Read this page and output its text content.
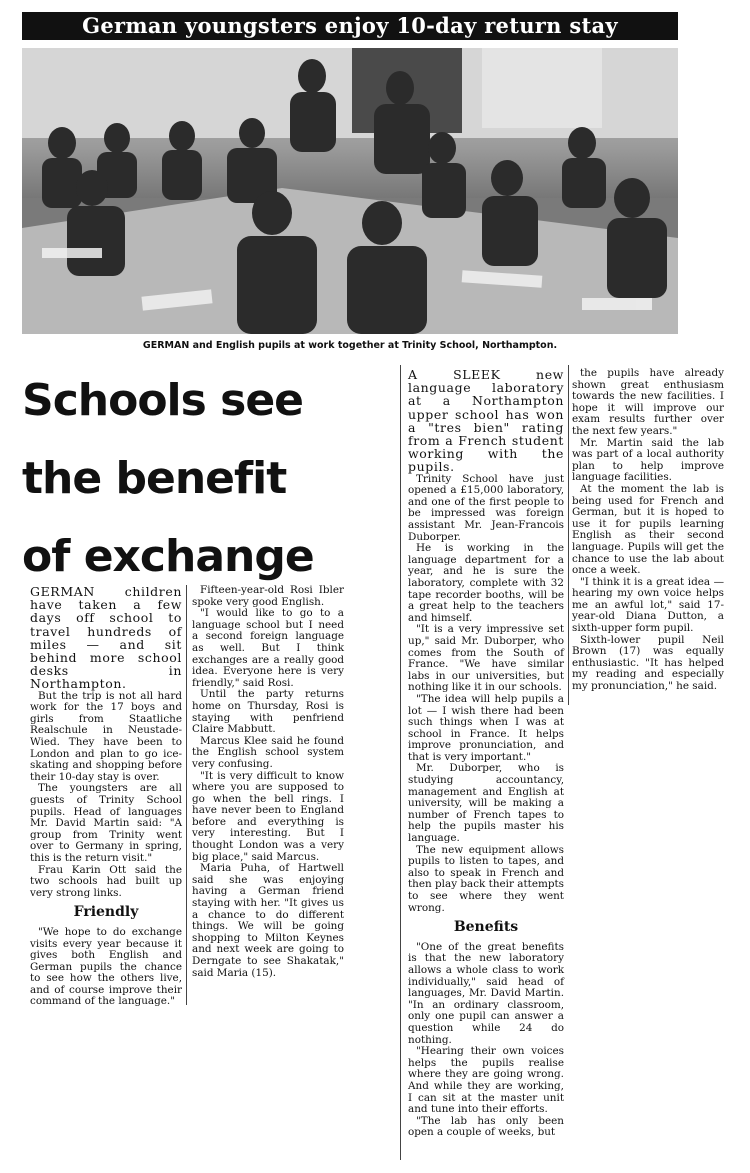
German youngsters enjoy 10-day return stay
GERMAN and English pupils at work together at Trinity School, Northampton.
Schools see
the benefit
of exchange

GERMAN children have taken a few days off school to travel hundreds of miles — and sit behind more school desks in Northampton.

But the trip is not all hard work for the 17 boys and girls from Staatliche Realschule in Neustade-Wied. They have been to London and plan to go ice-skating and shopping before their 10-day stay is over.

The youngsters are all guests of Trinity School pupils. Head of languages Mr. David Martin said: "A group from Trinity went over to Germany in spring, this is the return visit."

Frau Karin Ott said the two schools had built up very strong links.

Friendly

"We hope to do exchange visits every year because it gives both English and German pupils the chance to see how the others live, and of course improve their command of the language."

Fifteen-year-old Rosi Ibler spoke very good English.

"I would like to go to a language school but I need a second foreign language as well. But I think exchanges are a really good idea. Everyone here is very friendly," said Rosi.

Until the party returns home on Thursday, Rosi is staying with penfriend Claire Mabbutt.

Marcus Klee said he found the English school system very confusing.

"It is very difficult to know where you are supposed to go when the bell rings. I have never been to England before and everything is very interesting. But I thought London was a very big place," said Marcus.

Maria Puha, of Hartwell said she was enjoying having a German friend staying with her. "It gives us a chance to do different things. We will be going shopping to Milton Keynes and next week are going to Derngate to see Shakatak," said Maria (15).

A SLEEK new language laboratory at a Northampton upper school has won a "tres bien" rating from a French student working with the pupils.

Trinity School have just opened a £15,000 laboratory, and one of the first people to be impressed was foreign assistant Mr. Jean-Francois Duborper.

He is working in the language department for a year, and he is sure the laboratory, complete with 32 tape recorder booths, will be a great help to the teachers and himself.

"It is a very impressive set up," said Mr. Duborper, who comes from the South of France. "We have similar labs in our universities, but nothing like it in our schools.

"The idea will help pupils a lot — I wish there had been such things when I was at school in France. It helps improve pronunciation, and that is very important."

Mr. Duborper, who is studying accountancy, management and English at university, will be making a number of French tapes to help the pupils master his language.

The new equipment allows pupils to listen to tapes, and also to speak in French and then play back their attempts to see where they went wrong.

Benefits

"One of the great benefits is that the new laboratory allows a whole class to work individually," said head of languages, Mr. David Martin. "In an ordinary classroom, only one pupil can answer a question while 24 do nothing.

"Hearing their own voices helps the pupils realise where they are going wrong. And while they are working, I can sit at the master unit and tune into their efforts.

"The lab has only been open a couple of weeks, but

the pupils have already shown great enthusiasm towards the new facilities. I hope it will improve our exam results further over the next few years."

Mr. Martin said the lab was part of a local authority plan to help improve language facilities.

At the moment the lab is being used for French and German, but it is hoped to use it for pupils learning English as their second language. Pupils will get the chance to use the lab about once a week.

"I think it is a great idea — hearing my own voice helps me an awful lot," said 17-year-old Diana Dutton, a sixth-upper form pupil.

Sixth-lower pupil Neil Brown (17) was equally enthusiastic. "It has helped my reading and especially my pronunciation," he said.
